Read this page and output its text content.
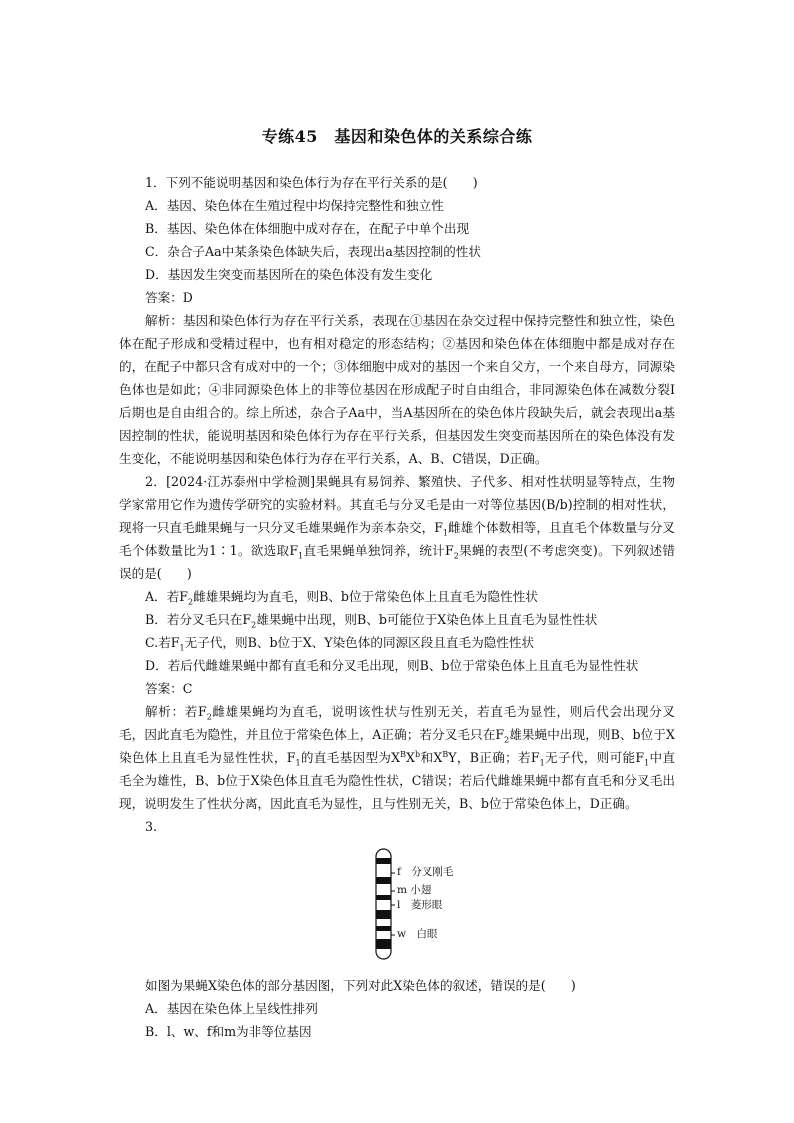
专练45　基因和染色体的关系综合练

1．下列不能说明基因和染色体行为存在平行关系的是(　　)

A．基因、染色体在生殖过程中均保持完整性和独立性

B．基因、染色体在体细胞中成对存在，在配子中单个出现

C．杂合子Aa中某条染色体缺失后，表现出a基因控制的性状

D．基因发生突变而基因所在的染色体没有发生变化

答案：D

解析：基因和染色体行为存在平行关系，表现在①基因在杂交过程中保持完整性和独立性，染色体在配子形成和受精过程中，也有相对稳定的形态结构；②基因和染色体在体细胞中都是成对存在的，在配子中都只含有成对中的一个；③体细胞中成对的基因一个来自父方，一个来自母方，同源染色体也是如此；④非同源染色体上的非等位基因在形成配子时自由组合，非同源染色体在减数分裂Ⅰ后期也是自由组合的。综上所述，杂合子Aa中，当A基因所在的染色体片段缺失后，就会表现出a基因控制的性状，能说明基因和染色体行为存在平行关系，但基因发生突变而基因所在的染色体没有发生变化，不能说明基因和染色体行为存在平行关系，A、B、C错误，D正确。

2．[2024·江苏泰州中学检测]果蝇具有易饲养、繁殖快、子代多、相对性状明显等特点，生物学家常用它作为遗传学研究的实验材料。其直毛与分叉毛是由一对等位基因(B/b)控制的相对性状，现将一只直毛雌果蝇与一只分叉毛雄果蝇作为亲本杂交，$F_1$雌雄个体数相等，且直毛个体数量与分叉毛个体数量比为1∶1。欲选取$F_1$直毛果蝇单独饲养，统计$F_2$果蝇的表型(不考虑突变)。下列叙述错误的是(　　)

A．若$F_2$雌雄果蝇均为直毛，则B、b位于常染色体上且直毛为隐性性状

B．若分叉毛只在$F_2$雄果蝇中出现，则B、b可能位于X染色体上且直毛为显性性状

C.若$F_1$无子代，则B、b位于X、Y染色体的同源区段且直毛为隐性性状

D．若后代雌雄果蝇中都有直毛和分叉毛出现，则B、b位于常染色体上且直毛为显性性状

答案：C

解析：若$F_2$雌雄果蝇均为直毛，说明该性状与性别无关，若直毛为显性，则后代会出现分叉毛，因此直毛为隐性，并且位于常染色体上，A正确；若分叉毛只在$F_2$雄果蝇中出现，则B、b位于X染色体上且直毛为显性性状，$F_1$的直毛基因型为$X^BX^b$和$X^BY$，B正确；若$F_1$无子代，则可能$F_1$中直毛全为雄性，B、b位于X染色体且直毛为隐性性状，C错误；若后代雌雄果蝇中都有直毛和分叉毛出现，说明发生了性状分离，因此直毛为显性，且与性别无关，B、b位于常染色体上，D正确。

3.

f　分叉刚毛
m 小翅
l　菱形眼
w　白眼

如图为果蝇X染色体的部分基因图，下列对此X染色体的叙述，错误的是(　　)

A．基因在染色体上呈线性排列

B．l、w、f和m为非等位基因
